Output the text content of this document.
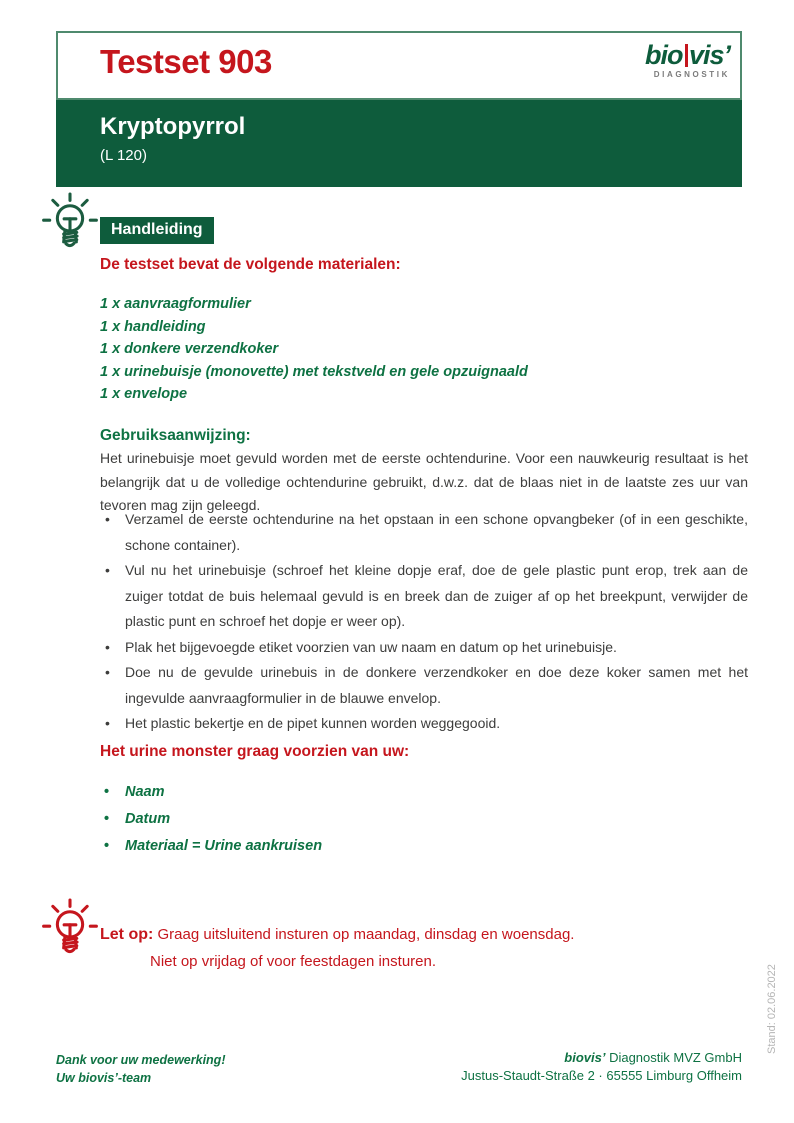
Testset 903	bio vis’
DIAGNOSTIK
Kryptopyrrol
(L 120)
Handleiding
De testset bevat de volgende materialen:

1 x aanvraagformulier

1 x handleiding

1 x donkere verzendkoker

1 x urinebuisje (monovette) met tekstveld en gele opzuignaald

1 x envelope

Gebruiksaanwijzing:
Het urinebuisje moet gevuld worden met de eerste ochtendurine. Voor een nauwkeurig resultaat is het belangrijk dat u de volledige ochtendurine gebruikt, d.w.z. dat de blaas niet in de laatste zes uur van tevoren mag zijn geleegd.
• Verzamel de eerste ochtendurine na het opstaan in een schone opvangbeker (of in een geschikte, schone container).
• Vul nu het urinebuisje (schroef het kleine dopje eraf, doe de gele plastic punt erop, trek aan de zuiger totdat de buis helemaal gevuld is en breek dan de zuiger af op het breekpunt, verwijder de plastic punt en schroef het dopje er weer op).
• Plak het bijgevoegde etiket voorzien van uw naam en datum op het urinebuisje.
• Doe nu de gevulde urinebuis in de donkere verzendkoker en doe deze koker samen met het ingevulde aanvraagformulier in de blauwe envelop.
• Het plastic bekertje en de pipet kunnen worden weggegooid.
Het urine monster graag voorzien van uw:
• Naam
• Datum
• Materiaal = Urine aankruisen
Let op: Graag uitsluitend insturen op maandag, dinsdag en woensdag.
Niet op vrijdag of voor feestdagen insturen.
Stand: 02.06.2022
Dank voor uw medewerking!
Uw biovis’-team
biovis’ Diagnostik MVZ GmbH
Justus-Staudt-Straße 2 · 65555 Limburg Offheim
